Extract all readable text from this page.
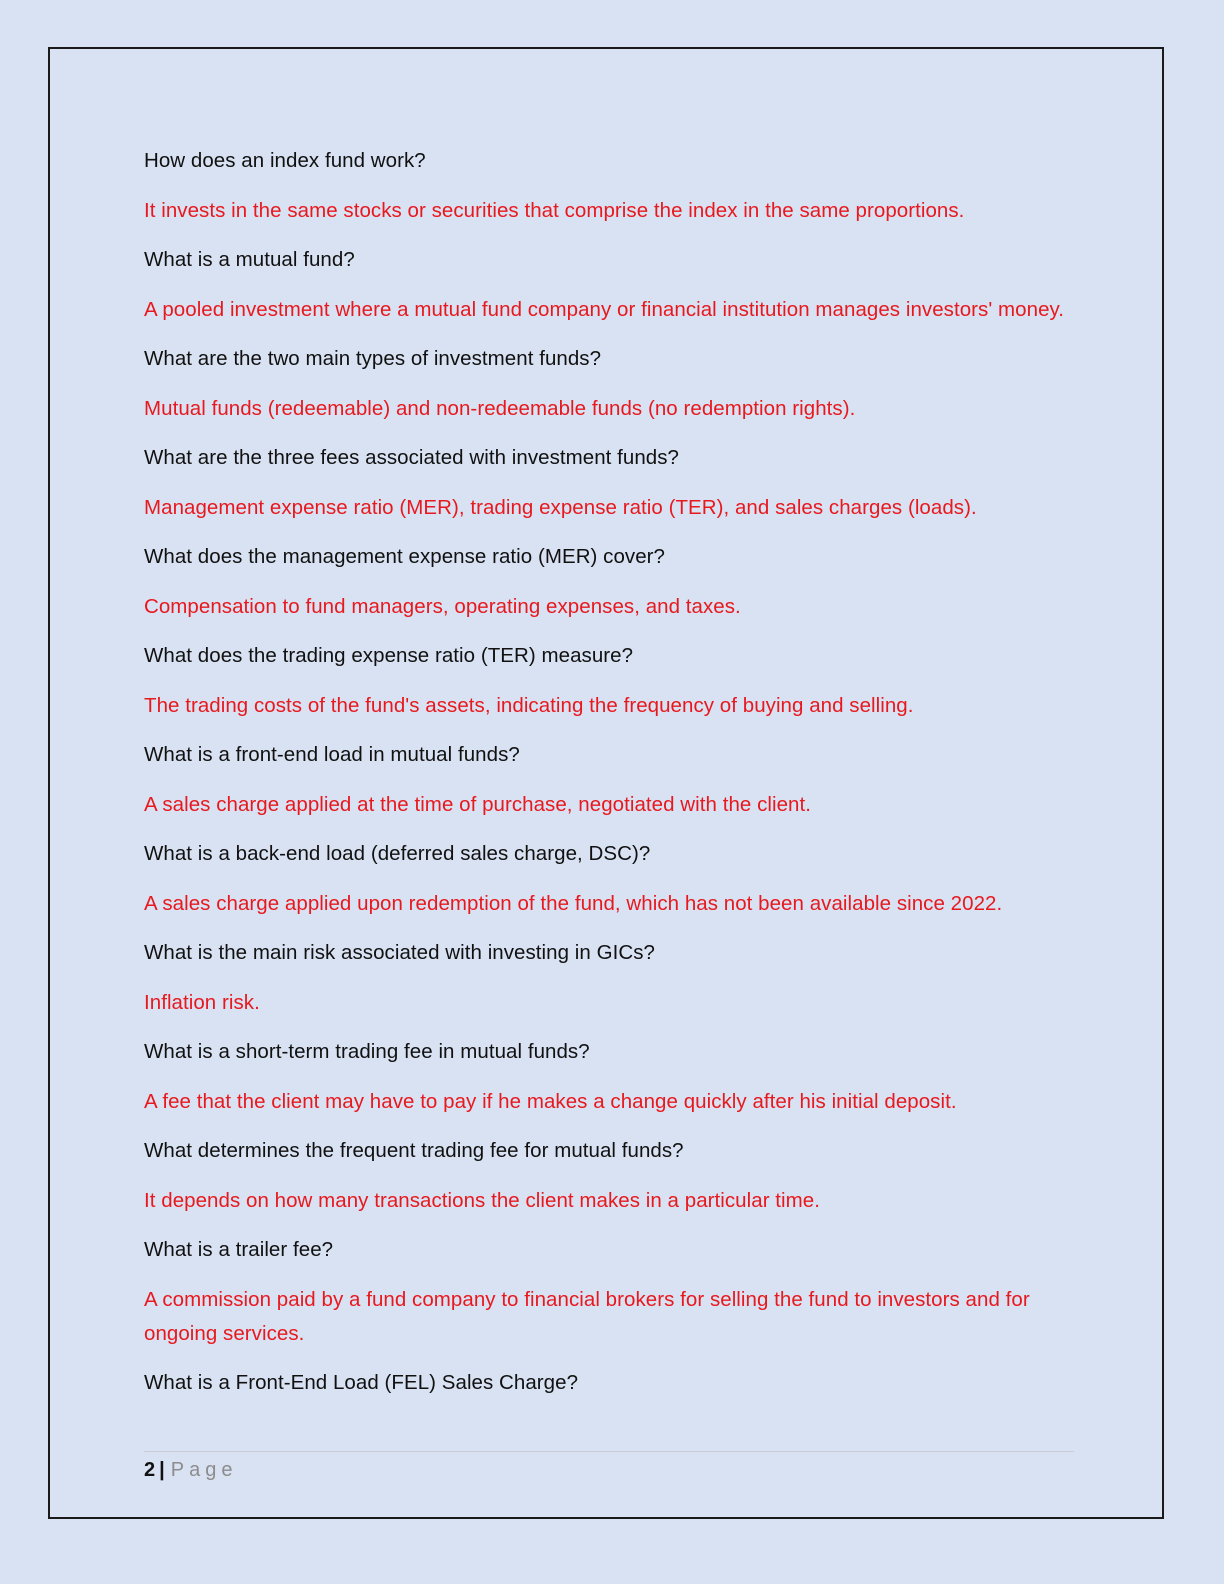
How does an index fund work?

It invests in the same stocks or securities that comprise the index in the same proportions.

What is a mutual fund?

A pooled investment where a mutual fund company or financial institution manages investors' money.

What are the two main types of investment funds?

Mutual funds (redeemable) and non-redeemable funds (no redemption rights).

What are the three fees associated with investment funds?

Management expense ratio (MER), trading expense ratio (TER), and sales charges (loads).

What does the management expense ratio (MER) cover?

Compensation to fund managers, operating expenses, and taxes.

What does the trading expense ratio (TER) measure?

The trading costs of the fund's assets, indicating the frequency of buying and selling.

What is a front-end load in mutual funds?

A sales charge applied at the time of purchase, negotiated with the client.

What is a back-end load (deferred sales charge, DSC)?

A sales charge applied upon redemption of the fund, which has not been available since 2022.

What is the main risk associated with investing in GICs?

Inflation risk.

What is a short-term trading fee in mutual funds?

A fee that the client may have to pay if he makes a change quickly after his initial deposit.

What determines the frequent trading fee for mutual funds?

It depends on how many transactions the client makes in a particular time.

What is a trailer fee?

A commission paid by a fund company to financial brokers for selling the fund to investors and for ongoing services.

What is a Front-End Load (FEL) Sales Charge?

2 | Page
